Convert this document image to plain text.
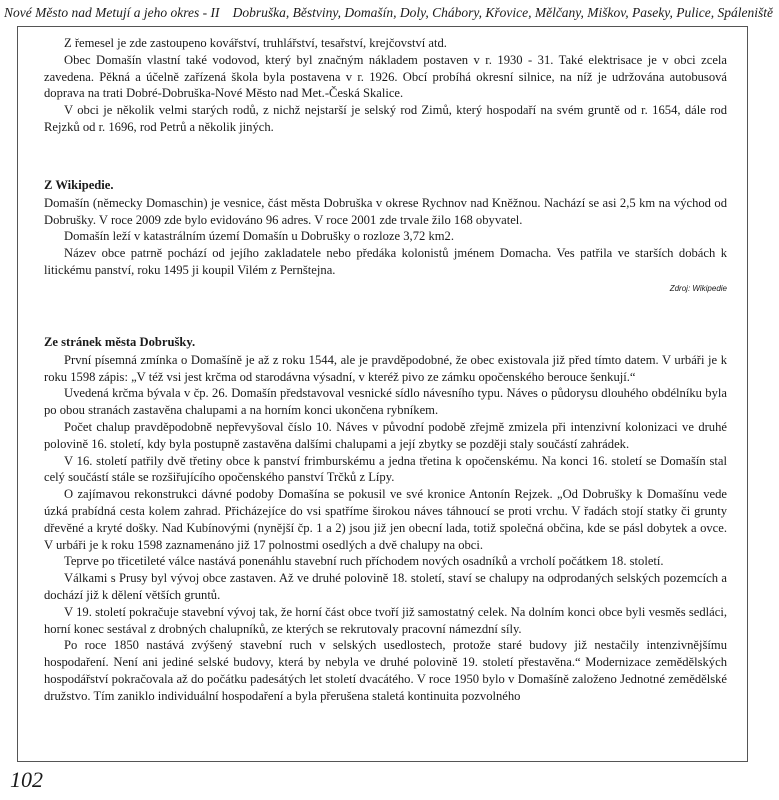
Nové Město nad Metují a jeho okres - II Dobruška, Běstviny, Domašín, Doly, Chábory, Křovice, Mělčany, Miškov, Paseky, Pulice, Spáleniště

Z řemesel je zde zastoupeno kovářství, truhlářství, tesařství, krejčovství atd.

Obec Domašín vlastní také vodovod, který byl značným nákladem postaven v r. 1930 - 31. Také elektrisace je v obci zcela zavedena. Pěkná a účelně zařízená škola byla postavena v r. 1926. Obcí probíhá okresní silnice, na níž je udržována autobusová doprava na trati Dobré-Dobruška-Nové Město nad Met.-Česká Skalice.

V obci je několik velmi starých rodů, z nichž nejstarší je selský rod Zimů, který hospodaří na svém gruntě od r. 1654, dále rod Rejzků od r. 1696, rod Petrů a několik jiných.

Z Wikipedie.

Domašín (německy Domaschin) je vesnice, část města Dobruška v okrese Rychnov nad Kněžnou. Nachází se asi 2,5 km na východ od Dobrušky. V roce 2009 zde bylo evidováno 96 adres. V roce 2001 zde trvale žilo 168 obyvatel.

Domašín leží v katastrálním území Domašín u Dobrušky o rozloze 3,72 km2.

Název obce patrně pochází od jejího zakladatele nebo předáka kolonistů jménem Domacha. Ves patřila ve starších dobách k litickému panství, roku 1495 ji koupil Vilém z Pernštejna.

Zdroj: Wikipedie

Ze stránek města Dobrušky.

První písemná zmínka o Domašíně je až z roku 1544, ale je pravděpodobné, že obec existovala již před tímto datem. V urbáři je k roku 1598 zápis: „V též vsi jest krčma od starodávna výsadní, v kteréž pivo ze zámku opočenského berouce šenkují.“

Uvedená krčma bývala v čp. 26. Domašín představoval vesnické sídlo návesního typu. Náves o půdorysu dlouhého obdélníku byla po obou stranách zastavěna chalupami a na horním konci ukončena rybníkem.

Počet chalup pravděpodobně nepřevyšoval číslo 10. Náves v původní podobě zřejmě zmizela při intenzivní kolonizaci ve druhé polovině 16. století, kdy byla postupně zastavěna dalšími chalupami a její zbytky se později staly součástí zahrádek.

V 16. století patřily dvě třetiny obce k panství frimburskému a jedna třetina k opočenskému. Na konci 16. století se Domašín stal celý součástí stále se rozšiřujícího opočenského panství Trčků z Lípy.

O zajímavou rekonstrukci dávné podoby Domašína se pokusil ve své kronice Antonín Rejzek. „Od Dobrušky k Domašínu vede úzká prabídná cesta kolem zahrad. Přicházejíce do vsi spatříme širokou náves táhnoucí se proti vrchu. V řadách stojí statky či grunty dřevěné a kryté došky. Nad Kubínovými (nynější čp. 1 a 2) jsou již jen obecní lada, totiž společná občina, kde se pásl dobytek a ovce. V urbáři je k roku 1598 zaznamenáno již 17 polnostmi osedlých a dvě chalupy na obci.

Teprve po třicetileté válce nastává ponenáhlu stavební ruch příchodem nových osadníků a vrcholí počátkem 18. století.

Válkami s Prusy byl vývoj obce zastaven. Až ve druhé polovině 18. století, staví se chalupy na odprodaných selských pozemcích a dochází již k dělení větších gruntů.

V 19. století pokračuje stavební vývoj tak, že horní část obce tvoří již samostatný celek. Na dolním konci obce byli vesměs sedláci, horní konec sestával z drobných chalupníků, ze kterých se rekrutovaly pracovní námezdní síly.

Po roce 1850 nastává zvýšený stavební ruch v selských usedlostech, protože staré budovy již nestačily intenzivnějšímu hospodaření. Není ani jediné selské budovy, která by nebyla ve druhé polovině 19. století přestavěna.“ Modernizace zemědělských hospodářství pokračovala až do počátku padesátých let století dvacátého. V roce 1950 bylo v Domašíně založeno Jednotné zemědělské družstvo. Tím zaniklo individuální hospodaření a byla přerušena staletá kontinuita pozvolného

102
